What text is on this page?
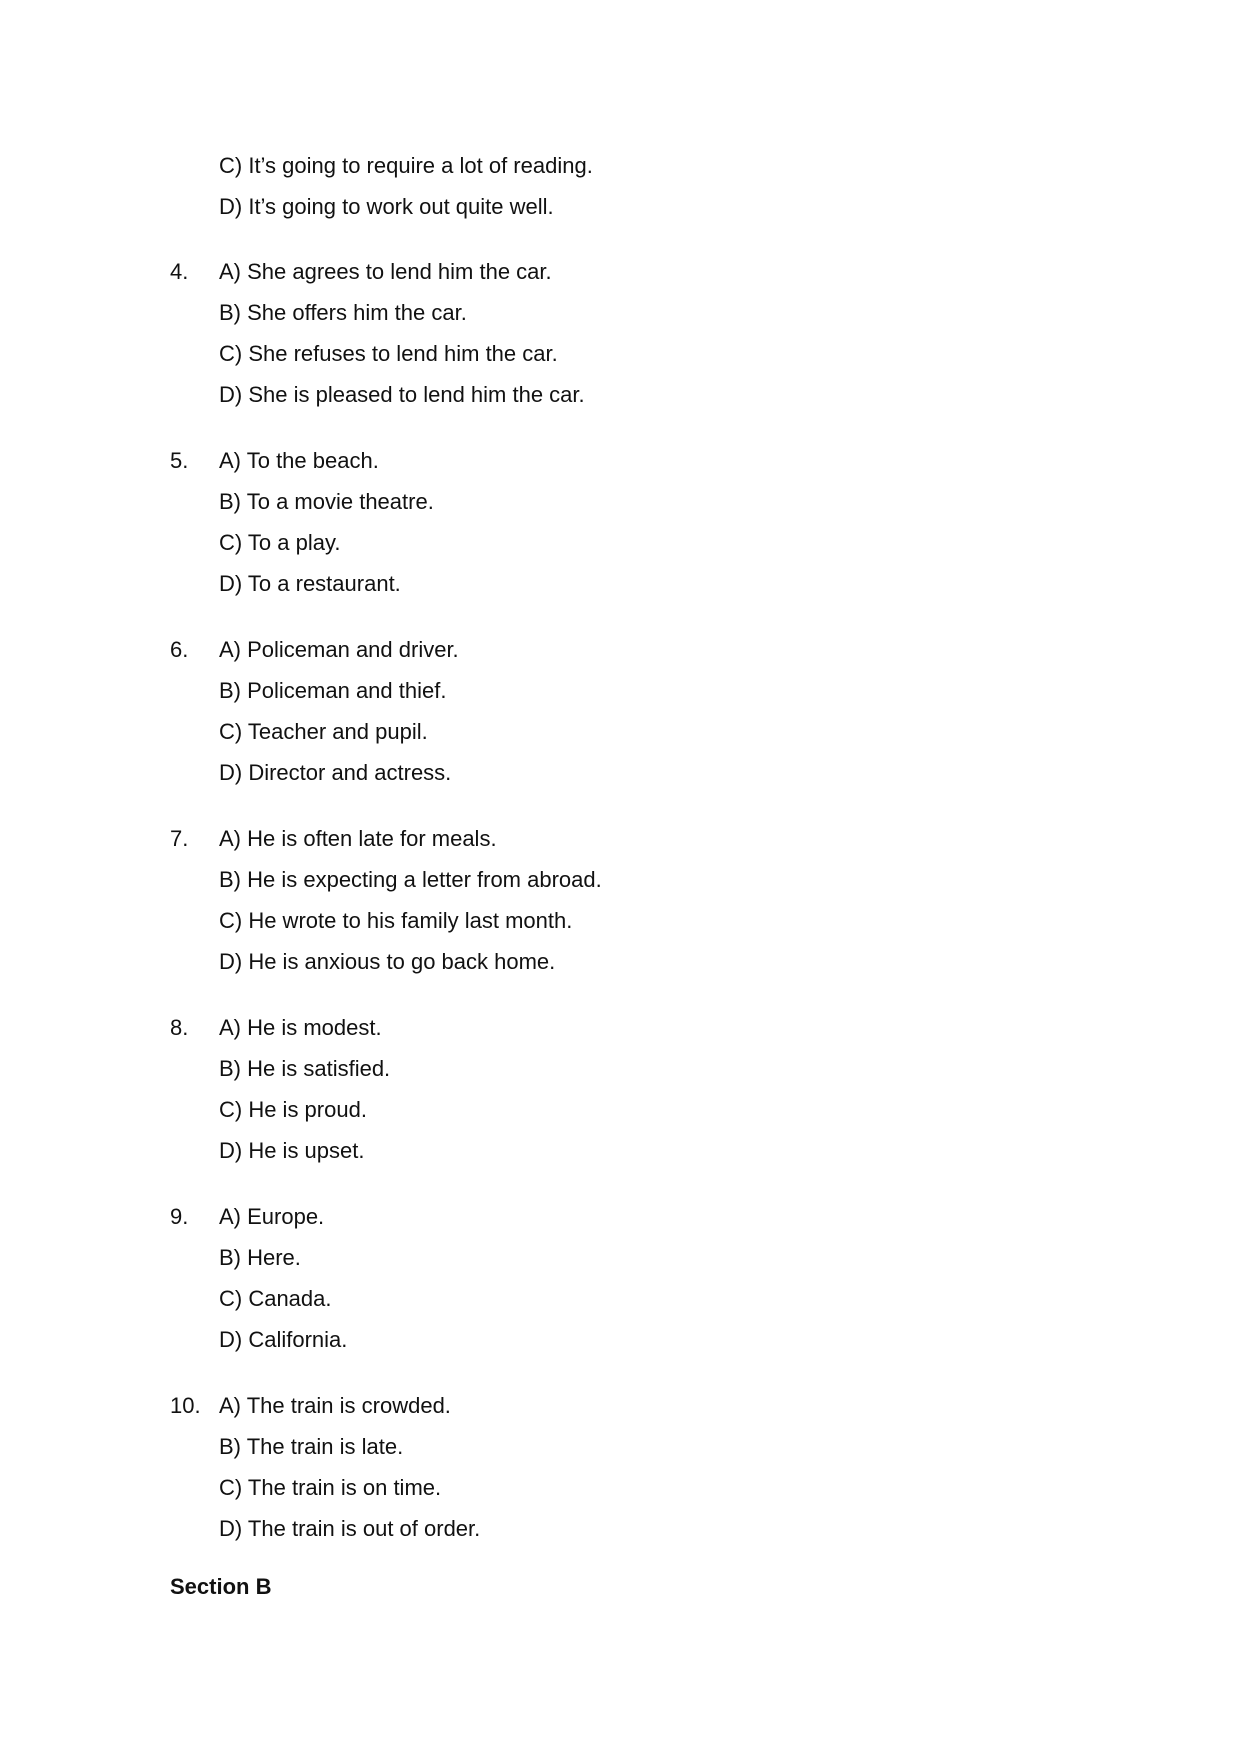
C) It’s going to require a lot of reading.
D) It’s going to work out quite well.
4. A) She agrees to lend him the car.
B) She offers him the car.
C) She refuses to lend him the car.
D) She is pleased to lend him the car.
5. A) To the beach.
B) To a movie theatre.
C) To a play.
D) To a restaurant.
6. A) Policeman and driver.
B) Policeman and thief.
C) Teacher and pupil.
D) Director and actress.
7. A) He is often late for meals.
B) He is expecting a letter from abroad.
C) He wrote to his family last month.
D) He is anxious to go back home.
8. A) He is modest.
B) He is satisfied.
C) He is proud.
D) He is upset.
9. A) Europe.
B) Here.
C) Canada.
D) California.
10. A) The train is crowded.
B) The train is late.
C) The train is on time.
D) The train is out of order.
Section B
